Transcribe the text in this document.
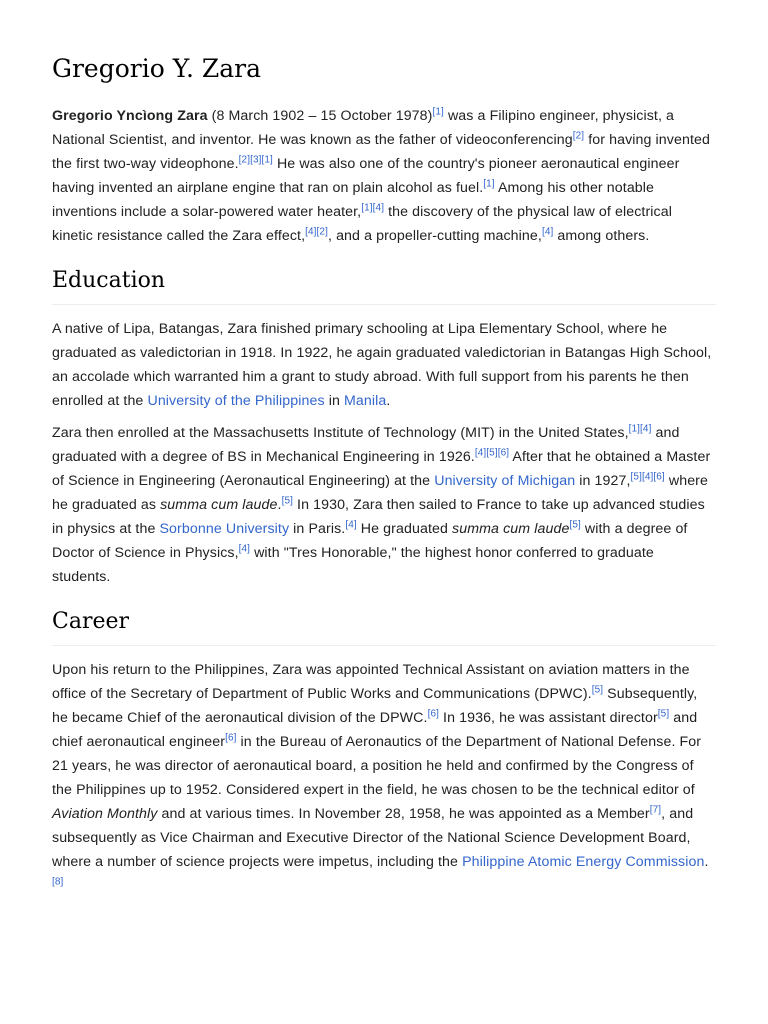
Gregorio Y. Zara

Gregorio Yncìong Zara (8 March 1902 – 15 October 1978)[1] was a Filipino engineer, physicist, a National Scientist, and inventor. He was known as the father of videoconferencing[2] for having invented the first two-way videophone.[2][3][1] He was also one of the country's pioneer aeronautical engineer having invented an airplane engine that ran on plain alcohol as fuel.[1] Among his other notable inventions include a solar-powered water heater,[1][4] the discovery of the physical law of electrical kinetic resistance called the Zara effect,[4][2], and a propeller-cutting machine,[4] among others.

Education

A native of Lipa, Batangas, Zara finished primary schooling at Lipa Elementary School, where he graduated as valedictorian in 1918. In 1922, he again graduated valedictorian in Batangas High School, an accolade which warranted him a grant to study abroad. With full support from his parents he then enrolled at the University of the Philippines in Manila.

Zara then enrolled at the Massachusetts Institute of Technology (MIT) in the United States,[1][4] and graduated with a degree of BS in Mechanical Engineering in 1926.[4][5][6] After that he obtained a Master of Science in Engineering (Aeronautical Engineering) at the University of Michigan in 1927,[5][4][6] where he graduated as summa cum laude.[5] In 1930, Zara then sailed to France to take up advanced studies in physics at the Sorbonne University in Paris.[4] He graduated summa cum laude[5] with a degree of Doctor of Science in Physics,[4] with "Tres Honorable," the highest honor conferred to graduate students.

Career

Upon his return to the Philippines, Zara was appointed Technical Assistant on aviation matters in the office of the Secretary of Department of Public Works and Communications (DPWC).[5] Subsequently, he became Chief of the aeronautical division of the DPWC.[6] In 1936, he was assistant director[5] and chief aeronautical engineer[6] in the Bureau of Aeronautics of the Department of National Defense. For 21 years, he was director of aeronautical board, a position he held and confirmed by the Congress of the Philippines up to 1952. Considered expert in the field, he was chosen to be the technical editor of Aviation Monthly and at various times. In November 28, 1958, he was appointed as a Member[7], and subsequently as Vice Chairman and Executive Director of the National Science Development Board, where a number of science projects were impetus, including the Philippine Atomic Energy Commission.[8]
